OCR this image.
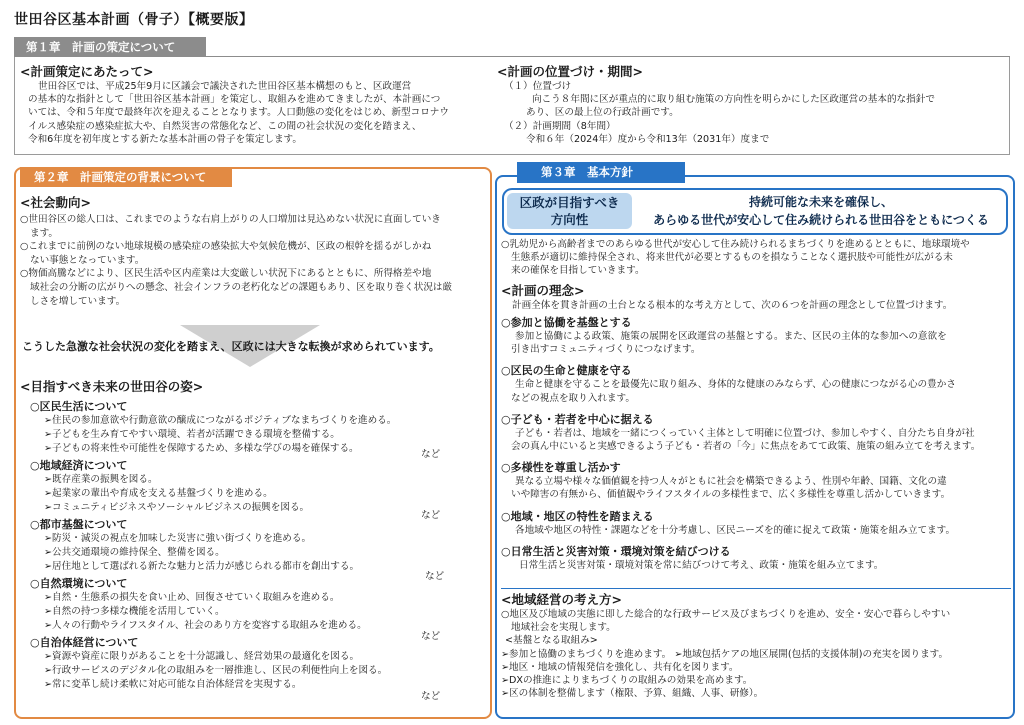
世田谷区基本計画（骨子）【概要版】
第１章　計画の策定について
<計画策定にあたって>
世田谷区では、平成25年9月に区議会で議決された世田谷区基本構想のもと、区政運営
の基本的な指針として「世田谷区基本計画」を策定し、取組みを進めてきましたが、本計画につ
いては、令和５年度で最終年次を迎えることとなります。人口動態の変化をはじめ、新型コロナウ
イルス感染症の感染症拡大や、自然災害の常態化など、この間の社会状況の変化を踏まえ、
令和6年度を初年度とする新たな基本計画の骨子を策定します。
<計画の位置づけ・期間>
（１）位置づけ
向こう８年間に区が重点的に取り組む施策の方向性を明らかにした区政運営の基本的な指針で
あり、区の最上位の行政計画です。
（２）計画期間（8年間）
令和６年（2024年）度から令和13年（2031年）度まで
第２章　計画策定の背景について
<社会動向>
○世田谷区の総人口は、これまでのような右肩上がりの人口増加は見込めない状況に直面していき
ます。
○これまでに前例のない地球規模の感染症の感染拡大や気候危機が、区政の根幹を揺るがしかね
ない事態となっています。
○物価高騰などにより、区民生活や区内産業は大変厳しい状況下にあるとともに、所得格差や地
域社会の分断の広がりへの懸念、社会インフラの老朽化などの課題もあり、区を取り巻く状況は厳
しさを増しています。
こうした急激な社会状況の変化を踏まえ、区政には大きな転換が求められています。
<目指すべき未来の世田谷の姿>
○区民生活について
➢住民の参加意欲や行動意欲の醸成につながるポジティブなまちづくりを進める。
➢子どもを生み育てやすい環境、若者が活躍できる環境を整備する。
➢子どもの将来性や可能性を保障するため、多様な学びの場を確保する。
○地域経済について
➢既存産業の振興を図る。
➢起業家の輩出や育成を支える基盤づくりを進める。
➢コミュニティビジネスやソーシャルビジネスの振興を図る。
○都市基盤について
➢防災・減災の視点を加味した災害に強い街づくりを進める。
➢公共交通環境の維持保全、整備を図る。
➢居住地として選ばれる新たな魅力と活力が感じられる都市を創出する。
○自然環境について
➢自然・生態系の損失を食い止め、回復させていく取組みを進める。
➢自然の持つ多様な機能を活用していく。
➢人々の行動やライフスタイル、社会のあり方を変容する取組みを進める。
○自治体経営について
➢資源や資産に限りがあることを十分認識し、経営効果の最適化を図る。
➢行政サービスのデジタル化の取組みを一層推進し、区民の利便性向上を図る。
➢常に変革し続け柔軟に対応可能な自治体経営を実現する。
など
など
など
など
など
第３章　基本方針
区政が目指すべき
方向性
持続可能な未来を確保し、
あらゆる世代が安心して住み続けられる世田谷をともにつくる
○乳幼児から高齢者までのあらゆる世代が安心して住み続けられるまちづくりを進めるとともに、地球環境や
生態系が適切に維持保全され、将来世代が必要とするものを損なうことなく選択肢や可能性が広がる未
来の確保を目指していきます。
<計画の理念>
計画全体を貫き計画の土台となる根本的な考え方として、次の６つを計画の理念として位置づけます。
○参加と協働を基盤とする
参加と協働による政策、施策の展開を区政運営の基盤とする。また、区民の主体的な参加への意欲を
引き出すコミュニティづくりにつなげます。
○区民の生命と健康を守る
生命と健康を守ることを最優先に取り組み、身体的な健康のみならず、心の健康につながる心の豊かさ
などの視点を取り入れます。
○子ども・若者を中心に据える
子ども・若者は、地域を一緒につくっていく主体として明確に位置づけ、参加しやすく、自分たち自身が社
会の真ん中にいると実感できるよう子ども・若者の「今」に焦点をあてて政策、施策の組み立てを考えます。
○多様性を尊重し活かす
異なる立場や様々な価値観を持つ人々がともに社会を構築できるよう、性別や年齢、国籍、文化の違
いや障害の有無から、価値観やライフスタイルの多様性まで、広く多様性を尊重し活かしていきます。
○地域・地区の特性を踏まえる
各地域や地区の特性・課題などを十分考慮し、区民ニーズを的確に捉えて政策・施策を組み立てます。
○日常生活と災害対策・環境対策を結びつける
日常生活と災害対策・環境対策を常に結びつけて考え、政策・施策を組み立てます。
<地域経営の考え方>
○地区及び地域の実態に即した総合的な行政サービス及びまちづくりを進め、安全・安心で暮らしやすい
地域社会を実現します。
<基盤となる取組み>
➢参加と協働のまちづくりを進めます。 ➢地域包括ケアの地区展開(包括的支援体制)の充実を図ります。
➢地区・地域の情報発信を強化し、共有化を図ります。
➢DXの推進によりまちづくりの取組みの効果を高めます。
➢区の体制を整備します（権限、予算、組織、人事、研修）。
